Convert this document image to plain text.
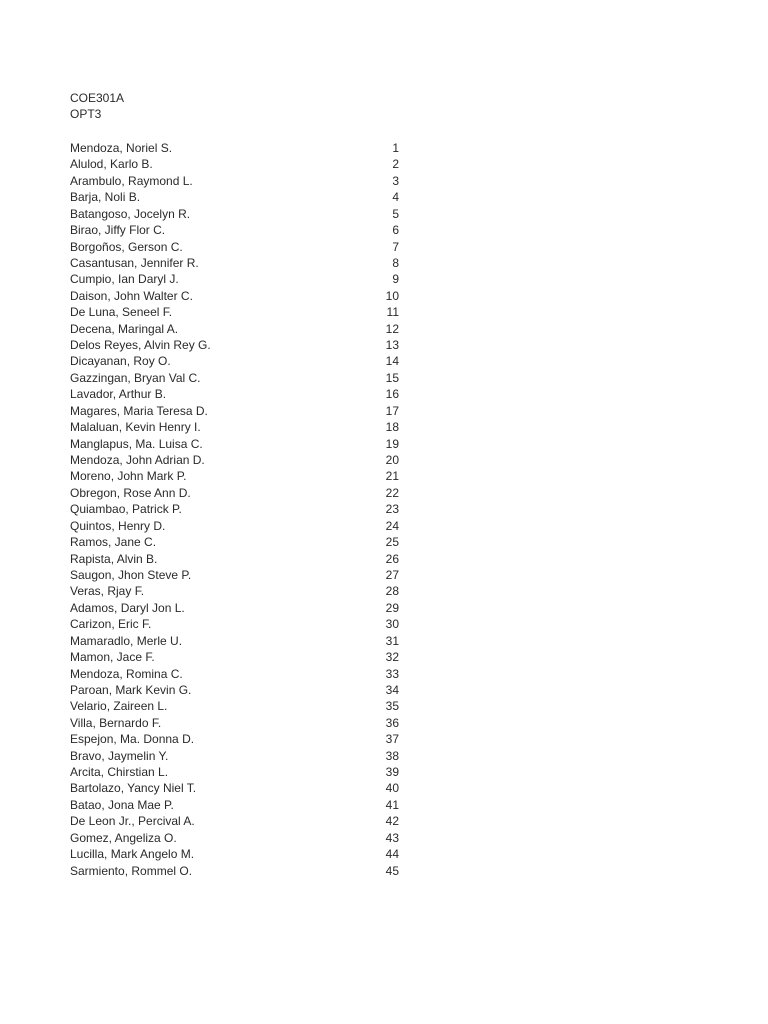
COE301A
OPT3
Mendoza, Noriel S.	1
Alulod, Karlo B.	2
Arambulo, Raymond L.	3
Barja, Noli B.	4
Batangoso, Jocelyn R.	5
Birao, Jiffy Flor C.	6
Borgoños, Gerson C.	7
Casantusan, Jennifer R.	8
Cumpio, Ian Daryl J.	9
Daison, John Walter C.	10
De Luna, Seneel F.	11
Decena, Maringal A.	12
Delos Reyes, Alvin Rey G.	13
Dicayanan, Roy O.	14
Gazzingan, Bryan Val C.	15
Lavador, Arthur B.	16
Magares, Maria Teresa D.	17
Malaluan, Kevin Henry I.	18
Manglapus, Ma. Luisa C.	19
Mendoza, John Adrian D.	20
Moreno, John Mark P.	21
Obregon, Rose Ann D.	22
Quiambao, Patrick P.	23
Quintos, Henry D.	24
Ramos, Jane C.	25
Rapista, Alvin B.	26
Saugon, Jhon Steve P.	27
Veras, Rjay F.	28
Adamos, Daryl Jon L.	29
Carizon, Eric F.	30
Mamaradlo, Merle U.	31
Mamon, Jace F.	32
Mendoza, Romina C.	33
Paroan, Mark Kevin G.	34
Velario, Zaireen L.	35
Villa, Bernardo F.	36
Espejon, Ma. Donna D.	37
Bravo, Jaymelin Y.	38
Arcita, Chirstian L.	39
Bartolazo, Yancy Niel T.	40
Batao, Jona Mae P.	41
De Leon Jr., Percival A.	42
Gomez, Angeliza O.	43
Lucilla, Mark Angelo M.	44
Sarmiento, Rommel O.	45
